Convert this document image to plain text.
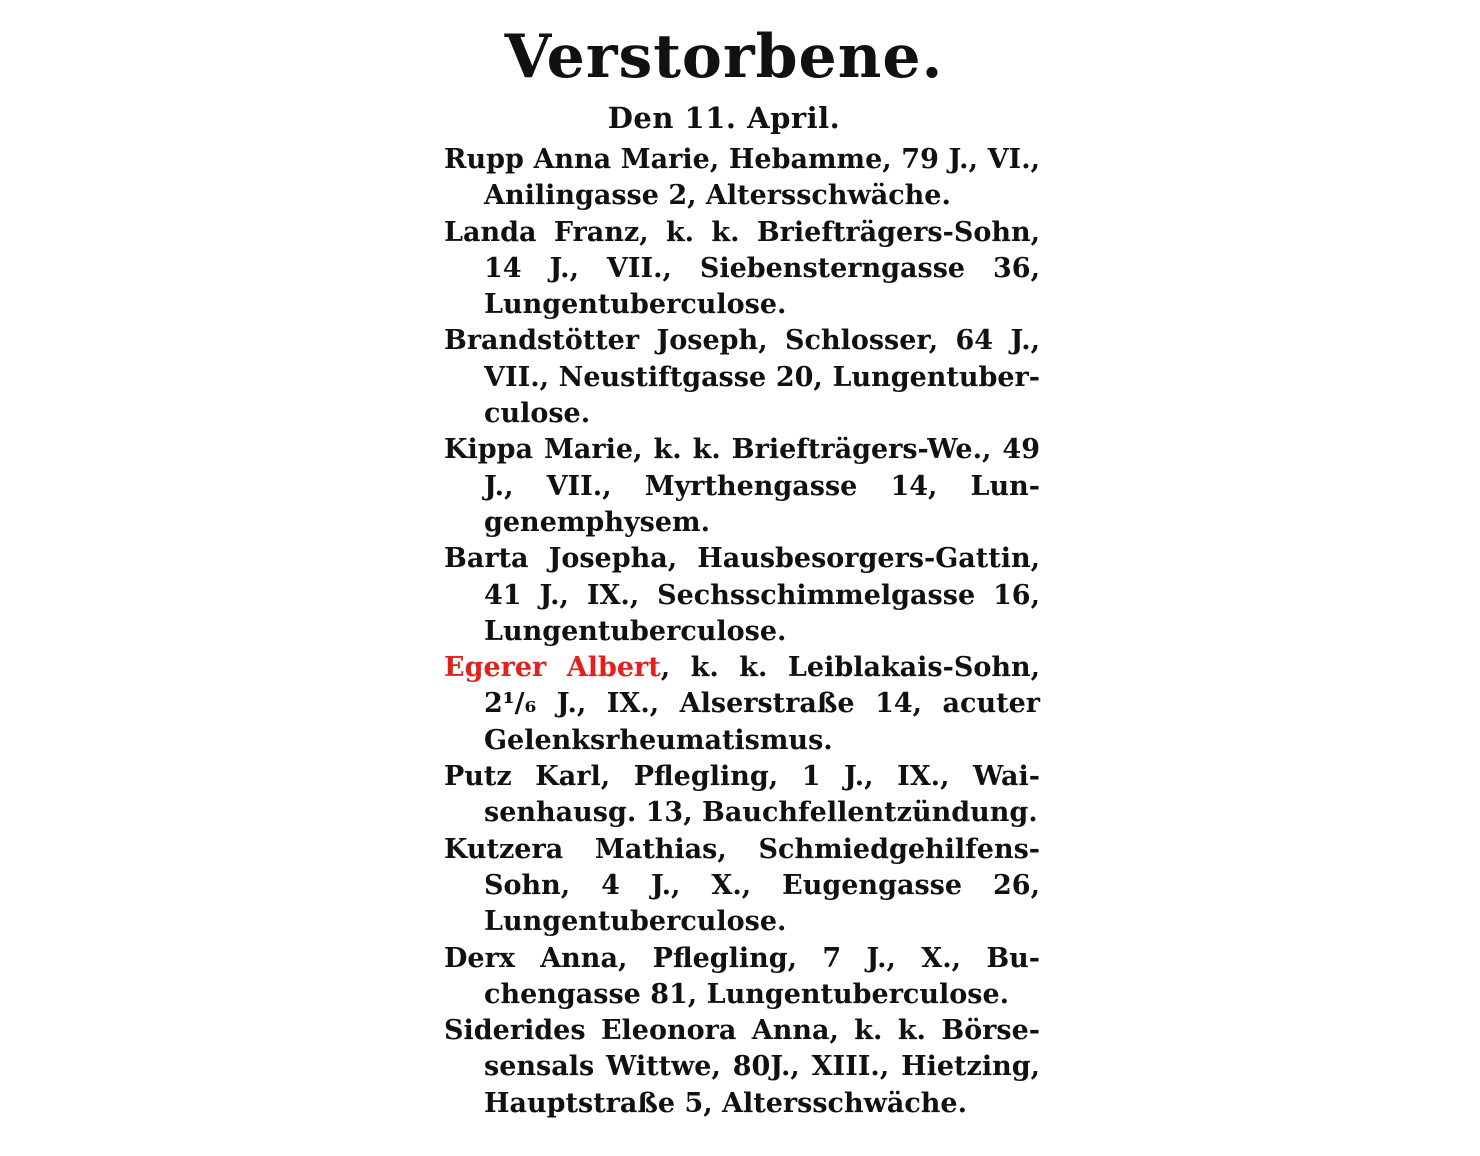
Verstorbene.
Den 11. April.
Rupp Anna Marie, Hebamme, 79 J., VI., Anilingasse 2, Altersschwäche.
Landa Franz, k. k. Briefträgers-Sohn, 14 J., VII., Siebensterngasse 36, Lungentuberculose.
Brandstötter Joseph, Schlosser, 64 J., VII., Neustiftgasse 20, Lungentuber-culose.
Kippa Marie, k. k. Briefträgers-We., 49 J., VII., Myrthengasse 14, Lun-genemphysem.
Barta Josepha, Hausbesorgers-Gattin, 41 J., IX., Sechsschimmelgasse 16, Lungentuberculose.
Egerer Albert, k. k. Leiblakais-Sohn, 2¹/₆ J., IX., Alserstraße 14, acuter Gelenksrheumatismus.
Putz Karl, Pflegling, 1 J., IX., Wai-senhausg. 13, Bauchfellentzündung.
Kutzera Mathias, Schmiedgehilfens-Sohn, 4 J., X., Eugengasse 26, Lungentuberculose.
Derx Anna, Pflegling, 7 J., X., Bu-chengasse 81, Lungentuberculose.
Siderides Eleonora Anna, k. k. Börse-sensals Wittwe, 80J., XIII., Hietzing, Hauptstraße 5, Altersschwäche.
